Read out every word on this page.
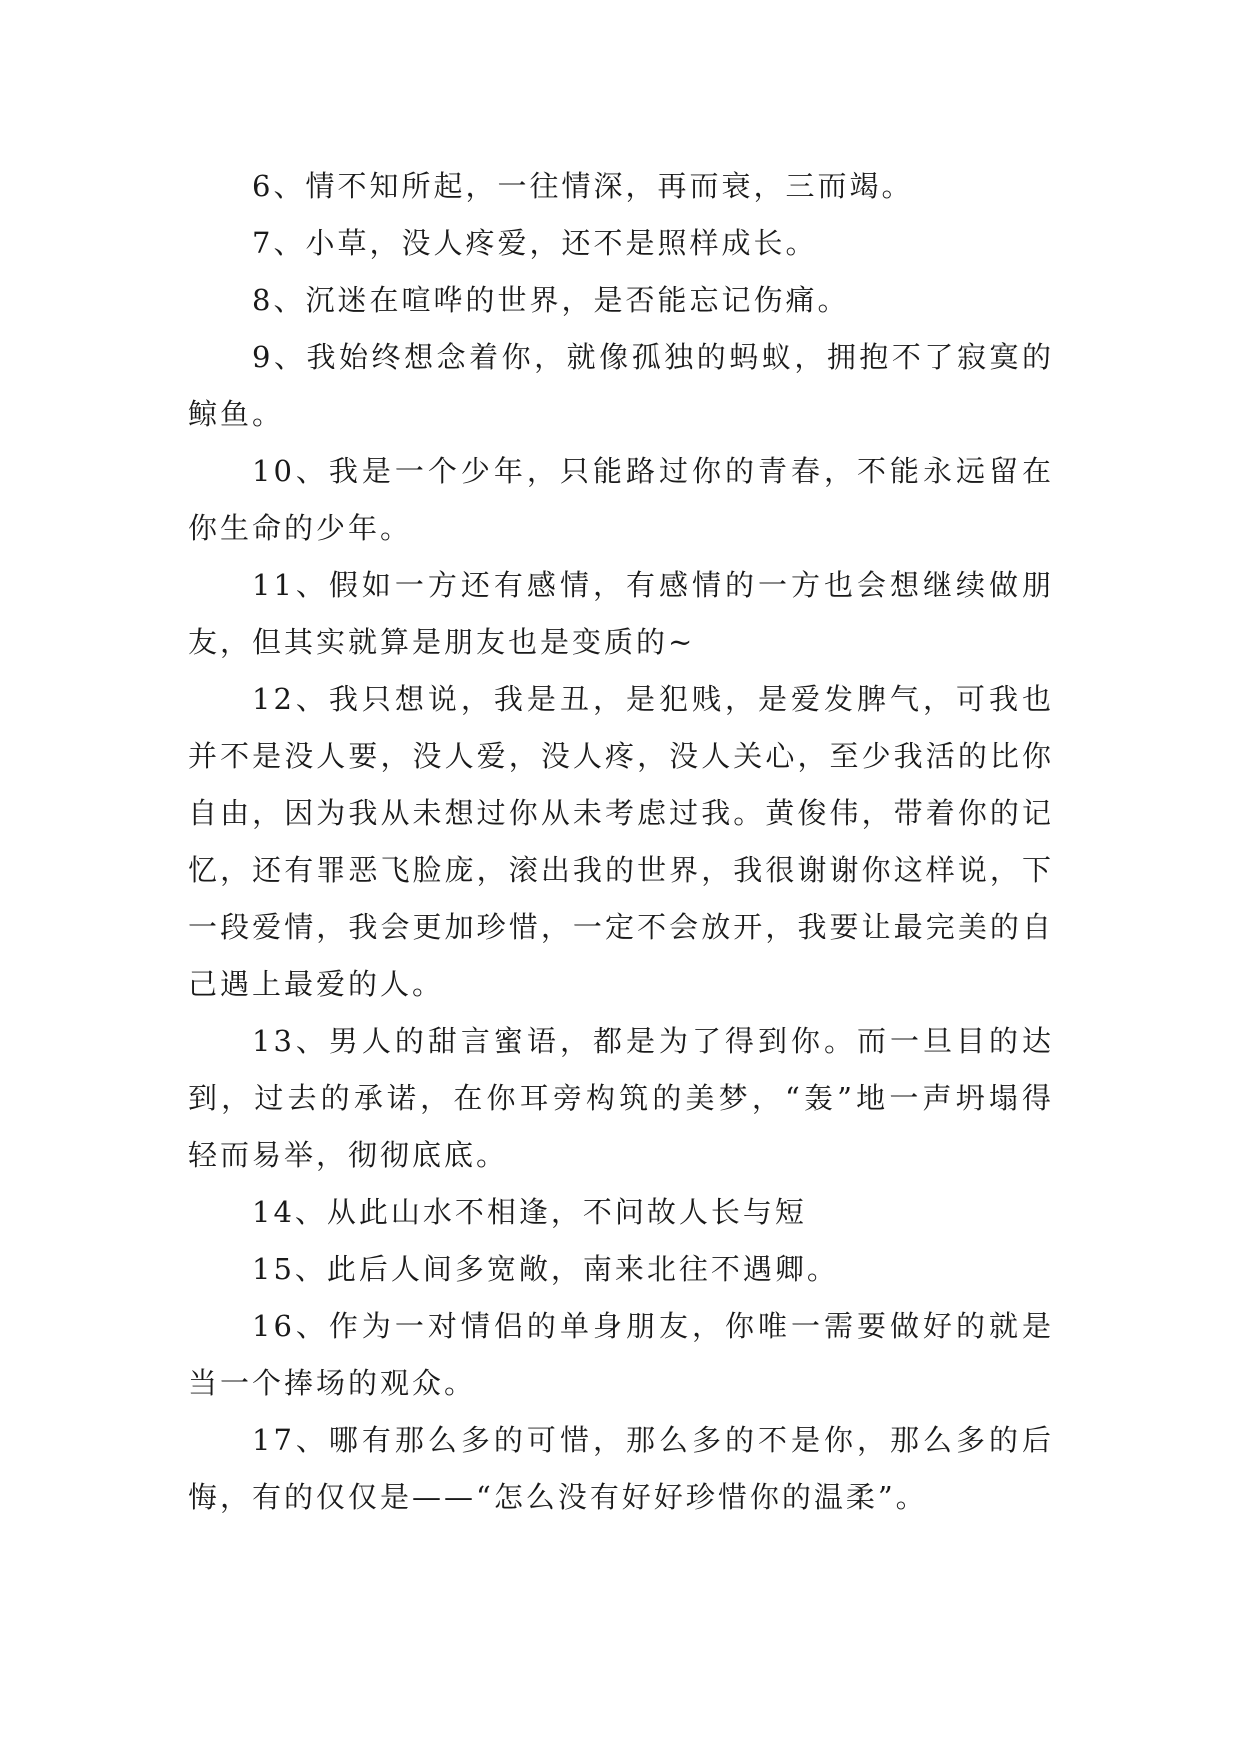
6、情不知所起，一往情深，再而衰，三而竭。

7、小草，没人疼爱，还不是照样成长。

8、沉迷在喧哗的世界，是否能忘记伤痛。

9、我始终想念着你，就像孤独的蚂蚁，拥抱不了寂寞的鲸鱼。

10、我是一个少年，只能路过你的青春，不能永远留在你生命的少年。

11、假如一方还有感情，有感情的一方也会想继续做朋友，但其实就算是朋友也是变质的~

12、我只想说，我是丑，是犯贱，是爱发脾气，可我也并不是没人要，没人爱，没人疼，没人关心，至少我活的比你自由，因为我从未想过你从未考虑过我。黄俊伟，带着你的记忆，还有罪恶飞脸庞，滚出我的世界，我很谢谢你这样说，下一段爱情，我会更加珍惜，一定不会放开，我要让最完美的自己遇上最爱的人。

13、男人的甜言蜜语，都是为了得到你。而一旦目的达到，过去的承诺，在你耳旁构筑的美梦，“轰”地一声坍塌得轻而易举，彻彻底底。

14、从此山水不相逢，不问故人长与短

15、此后人间多宽敞，南来北往不遇卿。

16、作为一对情侣的单身朋友，你唯一需要做好的就是当一个捧场的观众。

17、哪有那么多的可惜，那么多的不是你，那么多的后悔，有的仅仅是——“怎么没有好好珍惜你的温柔”。
